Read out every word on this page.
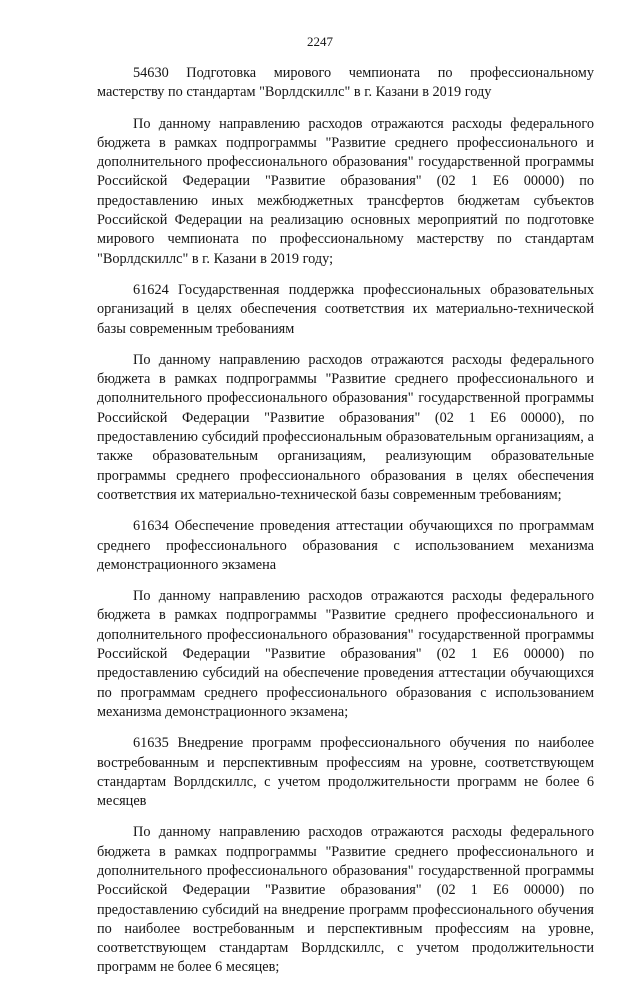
2247

54630 Подготовка мирового чемпионата по профессиональному мастерству по стандартам "Ворлдскиллс" в г. Казани в 2019 году

По данному направлению расходов отражаются расходы федерального бюджета в рамках подпрограммы "Развитие среднего профессионального и дополнительного профессионального образования" государственной программы Российской Федерации "Развитие образования" (02 1 Е6 00000) по предоставлению иных межбюджетных трансфертов бюджетам субъектов Российской Федерации на реализацию основных мероприятий по подготовке мирового чемпионата по профессиональному мастерству по стандартам "Ворлдскиллс" в г. Казани в 2019 году;

61624 Государственная поддержка профессиональных образовательных организаций в целях обеспечения соответствия их материально-технической базы современным требованиям

По данному направлению расходов отражаются расходы федерального бюджета в рамках подпрограммы "Развитие среднего профессионального и дополнительного профессионального образования" государственной программы Российской Федерации "Развитие образования" (02 1 Е6 00000), по предоставлению субсидий профессиональным образовательным организациям, а также образовательным организациям, реализующим образовательные программы среднего профессионального образования в целях обеспечения соответствия их материально-технической базы современным требованиям;

61634 Обеспечение проведения аттестации обучающихся по программам среднего профессионального образования с использованием механизма демонстрационного экзамена

По данному направлению расходов отражаются расходы федерального бюджета в рамках подпрограммы "Развитие среднего профессионального и дополнительного профессионального образования" государственной программы Российской Федерации "Развитие образования" (02 1 Е6 00000) по предоставлению субсидий на обеспечение проведения аттестации обучающихся по программам среднего профессионального образования с использованием механизма демонстрационного экзамена;

61635 Внедрение программ профессионального обучения по наиболее востребованным и перспективным профессиям на уровне, соответствующем стандартам Ворлдскиллс, с учетом продолжительности программ не более 6 месяцев

По данному направлению расходов отражаются расходы федерального бюджета в рамках подпрограммы "Развитие среднего профессионального и дополнительного профессионального образования" государственной программы Российской Федерации "Развитие образования" (02 1 Е6 00000) по предоставлению субсидий на внедрение программ профессионального обучения по наиболее востребованным и перспективным профессиям на уровне, соответствующем стандартам Ворлдскиллс, с учетом продолжительности программ не более 6 месяцев;
